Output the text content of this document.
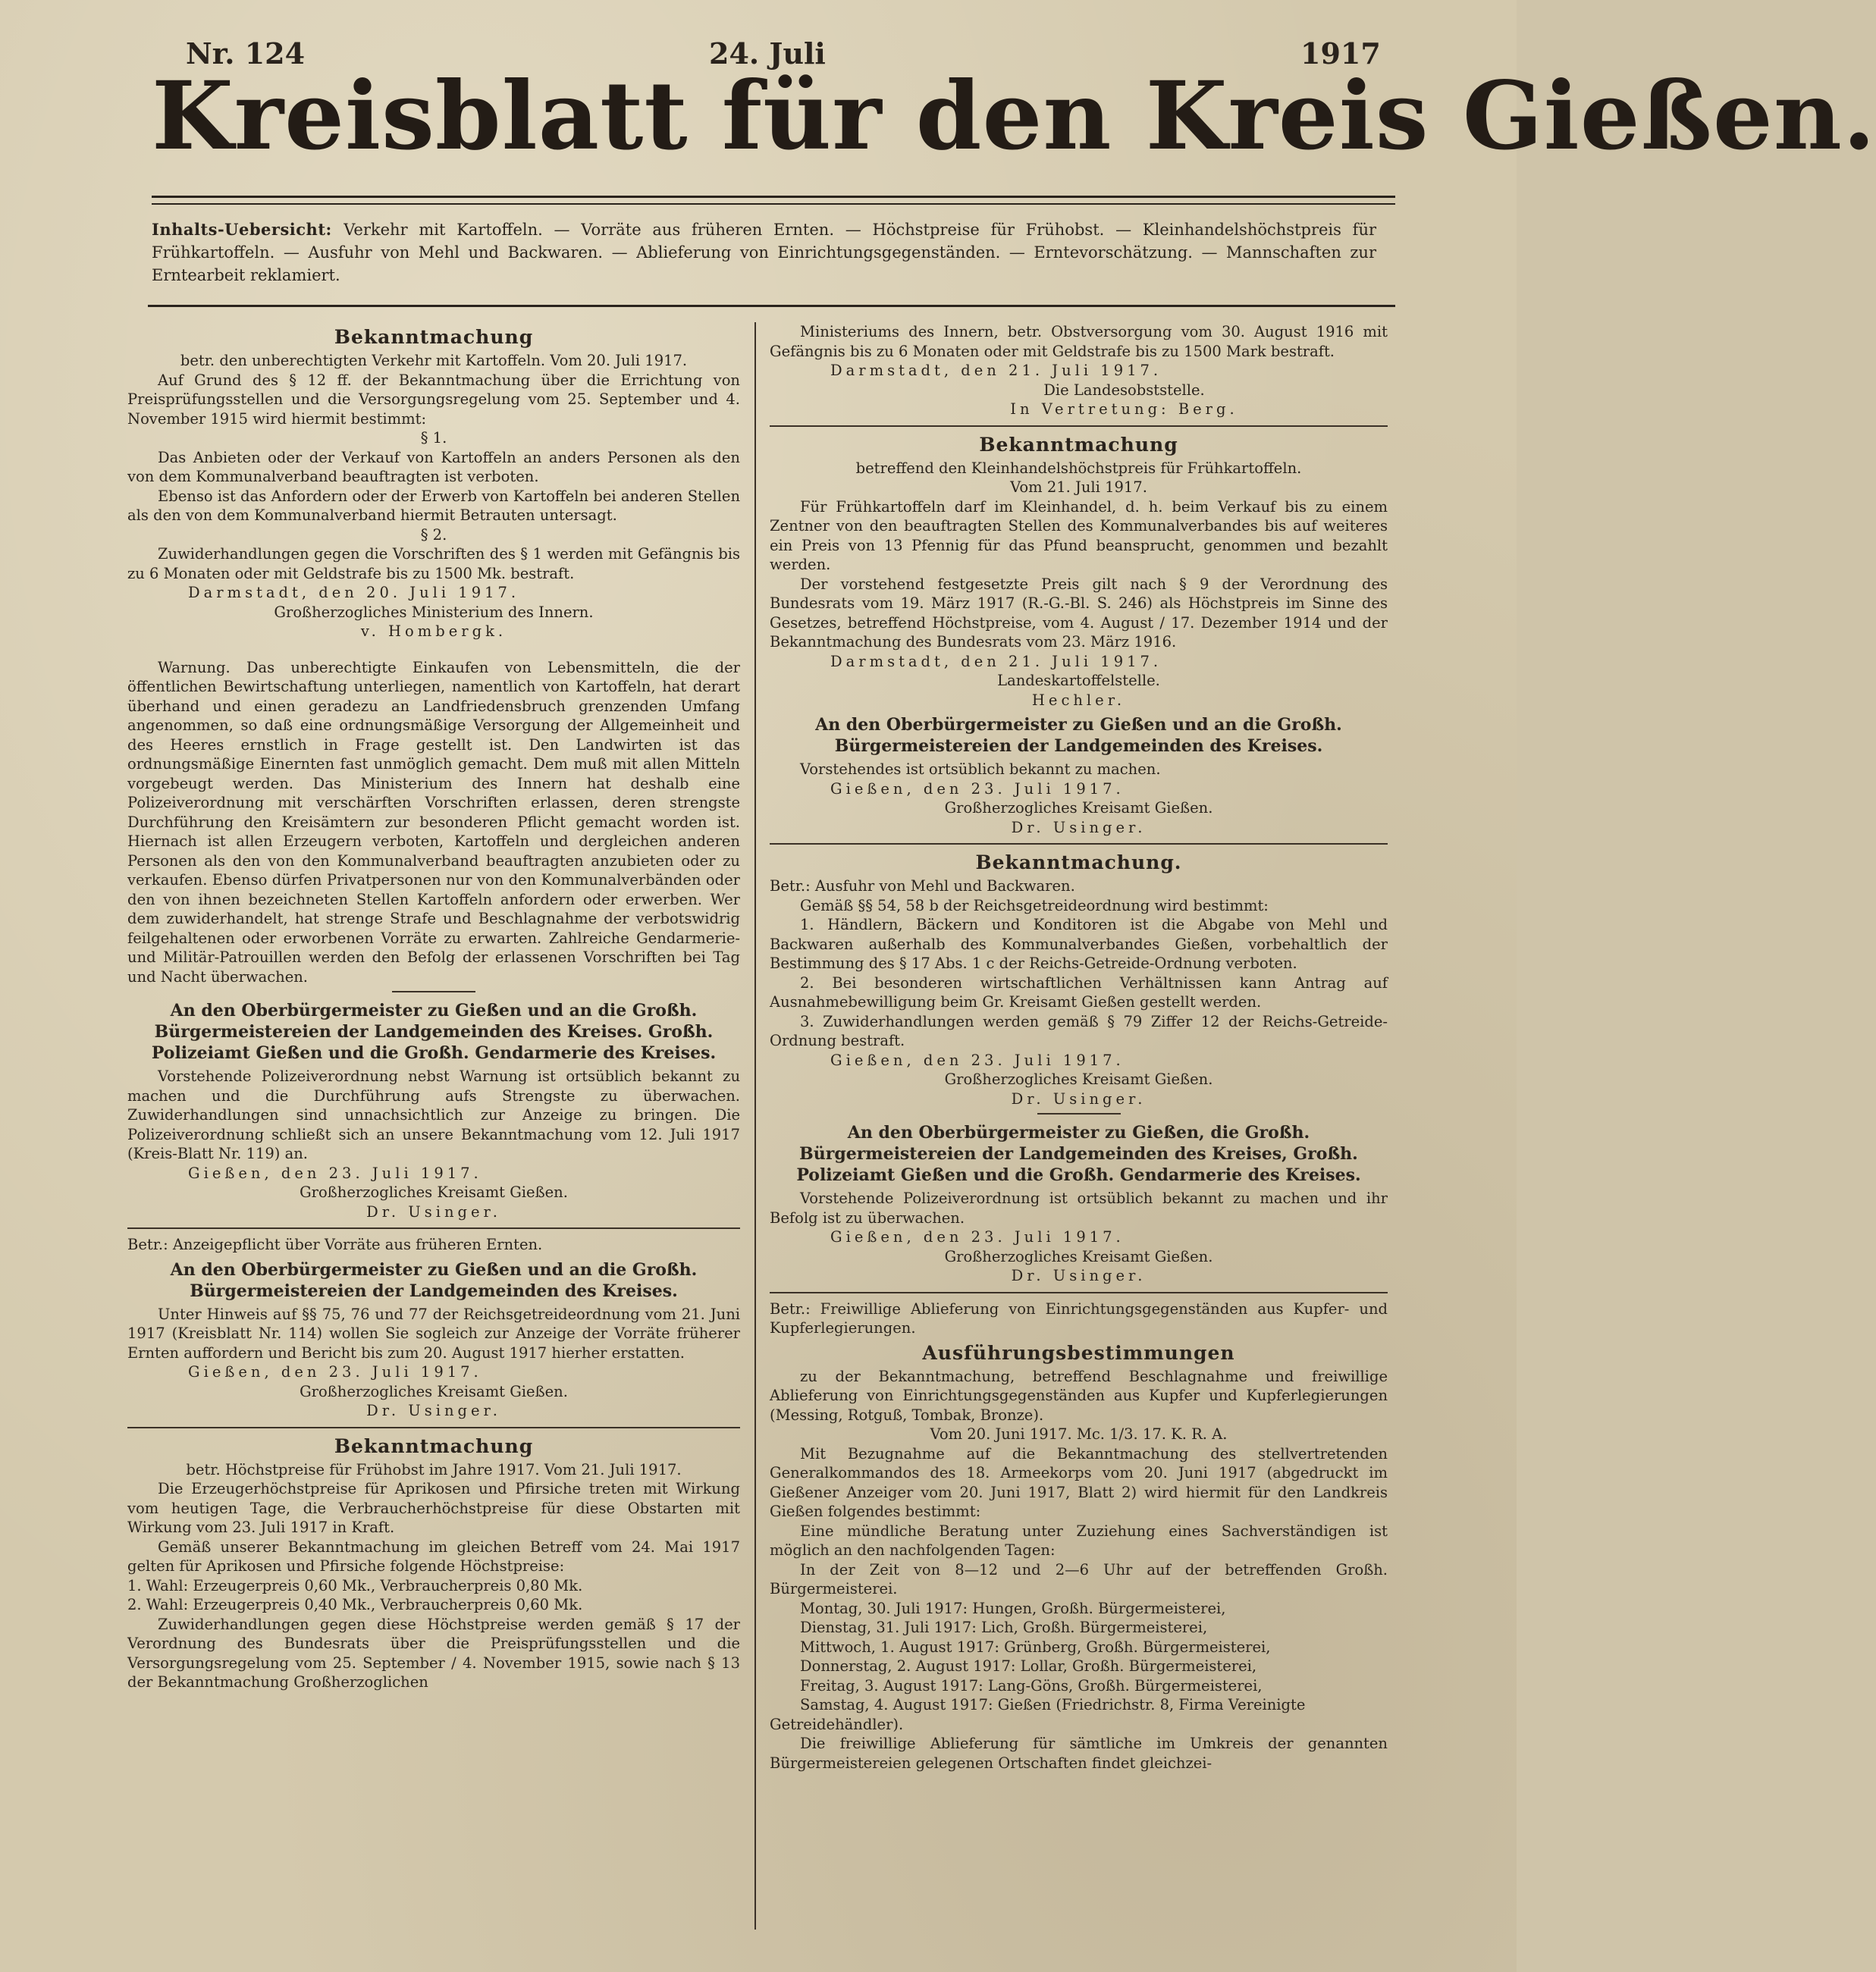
Nr. 124	24. Juli	1917
Kreisblatt für den Kreis Gießen.
Inhalts-Uebersicht: Verkehr mit Kartoffeln. — Vorräte aus früheren Ernten. — Höchstpreise für Frühobst. — Kleinhandelshöchstpreis für Frühkartoffeln. — Ausfuhr von Mehl und Backwaren. — Ablieferung von Einrichtungsgegenständen. — Erntevorschätzung. — Mannschaften zur Erntearbeit reklamiert.
Bekanntmachung

betr. den unberechtigten Verkehr mit Kartoffeln. Vom 20. Juli 1917.

Auf Grund des § 12 ff. der Bekanntmachung über die Errichtung von Preisprüfungsstellen und die Versorgungsregelung vom 25. September und 4. November 1915 wird hiermit bestimmt:

§ 1.

Das Anbieten oder der Verkauf von Kartoffeln an anders Personen als den von dem Kommunalverband beauftragten ist verboten.

Ebenso ist das Anfordern oder der Erwerb von Kartoffeln bei anderen Stellen als den von dem Kommunalverband hiermit Betrauten untersagt.

§ 2.

Zuwiderhandlungen gegen die Vorschriften des § 1 werden mit Gefängnis bis zu 6 Monaten oder mit Geldstrafe bis zu 1500 Mk. bestraft.

Darmstadt, den 20. Juli 1917.

Großherzogliches Ministerium des Innern.

v. Hombergk.

Warnung. Das unberechtigte Einkaufen von Lebensmitteln, die der öffentlichen Bewirtschaftung unterliegen, namentlich von Kartoffeln, hat derart überhand und einen geradezu an Landfriedensbruch grenzenden Umfang angenommen, so daß eine ordnungsmäßige Versorgung der Allgemeinheit und des Heeres ernstlich in Frage gestellt ist. Den Landwirten ist das ordnungsmäßige Einernten fast unmöglich gemacht. Dem muß mit allen Mitteln vorgebeugt werden. Das Ministerium des Innern hat deshalb eine Polizeiverordnung mit verschärften Vorschriften erlassen, deren strengste Durchführung den Kreisämtern zur besonderen Pflicht gemacht worden ist. Hiernach ist allen Erzeugern verboten, Kartoffeln und dergleichen anderen Personen als den von den Kommunalverband beauftragten anzubieten oder zu verkaufen. Ebenso dürfen Privatpersonen nur von den Kommunalverbänden oder den von ihnen bezeichneten Stellen Kartoffeln anfordern oder erwerben. Wer dem zuwiderhandelt, hat strenge Strafe und Beschlagnahme der verbotswidrig feilgehaltenen oder erworbenen Vorräte zu erwarten. Zahlreiche Gendarmerie- und Militär-Patrouillen werden den Befolg der erlassenen Vorschriften bei Tag und Nacht überwachen.

An den Oberbürgermeister zu Gießen und an die Großh. Bürgermeistereien der Landgemeinden des Kreises. Großh. Polizeiamt Gießen und die Großh. Gendarmerie des Kreises.

Vorstehende Polizeiverordnung nebst Warnung ist ortsüblich bekannt zu machen und die Durchführung aufs Strengste zu überwachen. Zuwiderhandlungen sind unnachsichtlich zur Anzeige zu bringen. Die Polizeiverordnung schließt sich an unsere Bekanntmachung vom 12. Juli 1917 (Kreis-Blatt Nr. 119) an.

Gießen, den 23. Juli 1917.

Großherzogliches Kreisamt Gießen.

Dr. Usinger.

Betr.: Anzeigepflicht über Vorräte aus früheren Ernten.

An den Oberbürgermeister zu Gießen und an die Großh. Bürgermeistereien der Landgemeinden des Kreises.

Unter Hinweis auf §§ 75, 76 und 77 der Reichsgetreideordnung vom 21. Juni 1917 (Kreisblatt Nr. 114) wollen Sie sogleich zur Anzeige der Vorräte früherer Ernten auffordern und Bericht bis zum 20. August 1917 hierher erstatten.

Gießen, den 23. Juli 1917.

Großherzogliches Kreisamt Gießen.

Dr. Usinger.

Bekanntmachung

betr. Höchstpreise für Frühobst im Jahre 1917. Vom 21. Juli 1917.

Die Erzeugerhöchstpreise für Aprikosen und Pfirsiche treten mit Wirkung vom heutigen Tage, die Verbraucherhöchstpreise für diese Obstarten mit Wirkung vom 23. Juli 1917 in Kraft.

Gemäß unserer Bekanntmachung im gleichen Betreff vom 24. Mai 1917 gelten für Aprikosen und Pfirsiche folgende Höchstpreise:

1. Wahl: Erzeugerpreis 0,60 Mk., Verbraucherpreis 0,80 Mk.

2. Wahl: Erzeugerpreis 0,40 Mk., Verbraucherpreis 0,60 Mk.

Zuwiderhandlungen gegen diese Höchstpreise werden gemäß § 17 der Verordnung des Bundesrats über die Preisprüfungsstellen und die Versorgungsregelung vom 25. September / 4. November 1915, sowie nach § 13 der Bekanntmachung Großherzoglichen

Ministeriums des Innern, betr. Obstversorgung vom 30. August 1916 mit Gefängnis bis zu 6 Monaten oder mit Geldstrafe bis zu 1500 Mark bestraft.

Darmstadt, den 21. Juli 1917.

Die Landesobststelle.

In Vertretung: Berg.

Bekanntmachung

betreffend den Kleinhandelshöchstpreis für Frühkartoffeln.

Vom 21. Juli 1917.

Für Frühkartoffeln darf im Kleinhandel, d. h. beim Verkauf bis zu einem Zentner von den beauftragten Stellen des Kommunalverbandes bis auf weiteres ein Preis von 13 Pfennig für das Pfund beansprucht, genommen und bezahlt werden.

Der vorstehend festgesetzte Preis gilt nach § 9 der Verordnung des Bundesrats vom 19. März 1917 (R.-G.-Bl. S. 246) als Höchstpreis im Sinne des Gesetzes, betreffend Höchstpreise, vom 4. August / 17. Dezember 1914 und der Bekanntmachung des Bundesrats vom 23. März 1916.

Darmstadt, den 21. Juli 1917.

Landeskartoffelstelle.

Hechler.

An den Oberbürgermeister zu Gießen und an die Großh. Bürgermeistereien der Landgemeinden des Kreises.

Vorstehendes ist ortsüblich bekannt zu machen.

Gießen, den 23. Juli 1917.

Großherzogliches Kreisamt Gießen.

Dr. Usinger.

Bekanntmachung.

Betr.: Ausfuhr von Mehl und Backwaren.

Gemäß §§ 54, 58 b der Reichsgetreideordnung wird bestimmt:

1. Händlern, Bäckern und Konditoren ist die Abgabe von Mehl und Backwaren außerhalb des Kommunalverbandes Gießen, vorbehaltlich der Bestimmung des § 17 Abs. 1 c der Reichs-Getreide-Ordnung verboten.

2. Bei besonderen wirtschaftlichen Verhältnissen kann Antrag auf Ausnahmebewilligung beim Gr. Kreisamt Gießen gestellt werden.

3. Zuwiderhandlungen werden gemäß § 79 Ziffer 12 der Reichs-Getreide-Ordnung bestraft.

Gießen, den 23. Juli 1917.

Großherzogliches Kreisamt Gießen.

Dr. Usinger.

An den Oberbürgermeister zu Gießen, die Großh. Bürgermeistereien der Landgemeinden des Kreises, Großh. Polizeiamt Gießen und die Großh. Gendarmerie des Kreises.

Vorstehende Polizeiverordnung ist ortsüblich bekannt zu machen und ihr Befolg ist zu überwachen.

Gießen, den 23. Juli 1917.

Großherzogliches Kreisamt Gießen.

Dr. Usinger.

Betr.: Freiwillige Ablieferung von Einrichtungsgegenständen aus Kupfer- und Kupferlegierungen.

Ausführungsbestimmungen

zu der Bekanntmachung, betreffend Beschlagnahme und freiwillige Ablieferung von Einrichtungsgegenständen aus Kupfer und Kupferlegierungen (Messing, Rotguß, Tombak, Bronze).

Vom 20. Juni 1917. Mc. 1/3. 17. K. R. A.

Mit Bezugnahme auf die Bekanntmachung des stellvertretenden Generalkommandos des 18. Armeekorps vom 20. Juni 1917 (abgedruckt im Gießener Anzeiger vom 20. Juni 1917, Blatt 2) wird hiermit für den Landkreis Gießen folgendes bestimmt:

Eine mündliche Beratung unter Zuziehung eines Sachverständigen ist möglich an den nachfolgenden Tagen:

In der Zeit von 8—12 und 2—6 Uhr auf der betreffenden Großh. Bürgermeisterei.

Montag, 30. Juli 1917: Hungen, Großh. Bürgermeisterei,

Dienstag, 31. Juli 1917: Lich, Großh. Bürgermeisterei,

Mittwoch, 1. August 1917: Grünberg, Großh. Bürgermeisterei,

Donnerstag, 2. August 1917: Lollar, Großh. Bürgermeisterei,

Freitag, 3. August 1917: Lang-Göns, Großh. Bürgermeisterei,

Samstag, 4. August 1917: Gießen (Friedrichstr. 8, Firma Vereinigte Getreidehändler).

Die freiwillige Ablieferung für sämtliche im Umkreis der genannten Bürgermeistereien gelegenen Ortschaften findet gleichzei-
